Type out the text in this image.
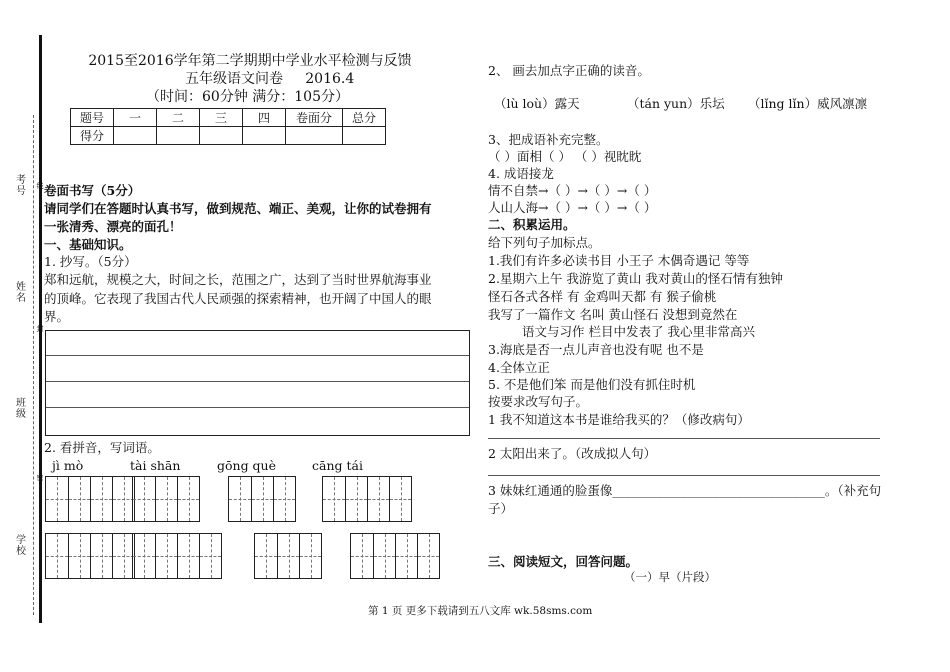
考号 线
姓名
封
班级
密
学校
2015至2016学年第二学期期中学业水平检测与反馈
五年级语文问卷 2016.4
（时间：60分钟 满分：105分）
题号	一	二	三	四	卷面分	总分
得分						
卷面书写（5分）
请同学们在答题时认真书写，做到规范、端正、美观，让你的试卷拥有
一张清秀、漂亮的面孔！
一、基础知识。
1. 抄写。（5分）
郑和远航，规模之大，时间之长，范围之广，达到了当时世界航海事业
的顶峰。它表现了我国古代人民顽强的探索精神，也开阔了中国人的眼
界。
2. 看拼音，写词语。
jì mò	tài shān	gōng què	cāng tái
2、 画去加点字正确的读音。
（lù loù）露天	（tán yun）乐坛 （lǐng lǐn）威风凛凛
3、把成语补充完整。
（ ）面相（ ） （ ）视眈眈
4. 成语接龙
情不自禁→（ ）→（ ）→（ ）
人山人海→（ ）→（ ）→（ ）
二、积累运用。
给下列句子加标点。
1.我们有许多必读书目 小王子 木偶奇遇记 等等
2.星期六上午 我游览了黄山 我对黄山的怪石情有独钟
怪石各式各样 有 金鸡叫天都 有 猴子偷桃
我写了一篇作文 名叫 黄山怪石 没想到竟然在
语文与习作 栏目中发表了 我心里非常高兴
3.海底是否一点儿声音也没有呢 也不是
4.全体立正
5. 不是他们笨 而是他们没有抓住时机
按要求改写句子。
1 我不知道这本书是谁给我买的？（修改病句）
2 太阳出来了。（改成拟人句）
3 妹妹红通通的脸蛋像__________________________________。（补充句
子）
三、阅读短文，回答问题。
（一）早（片段）
第 1 页 更多下载请到五八文库 wk.58sms.com
